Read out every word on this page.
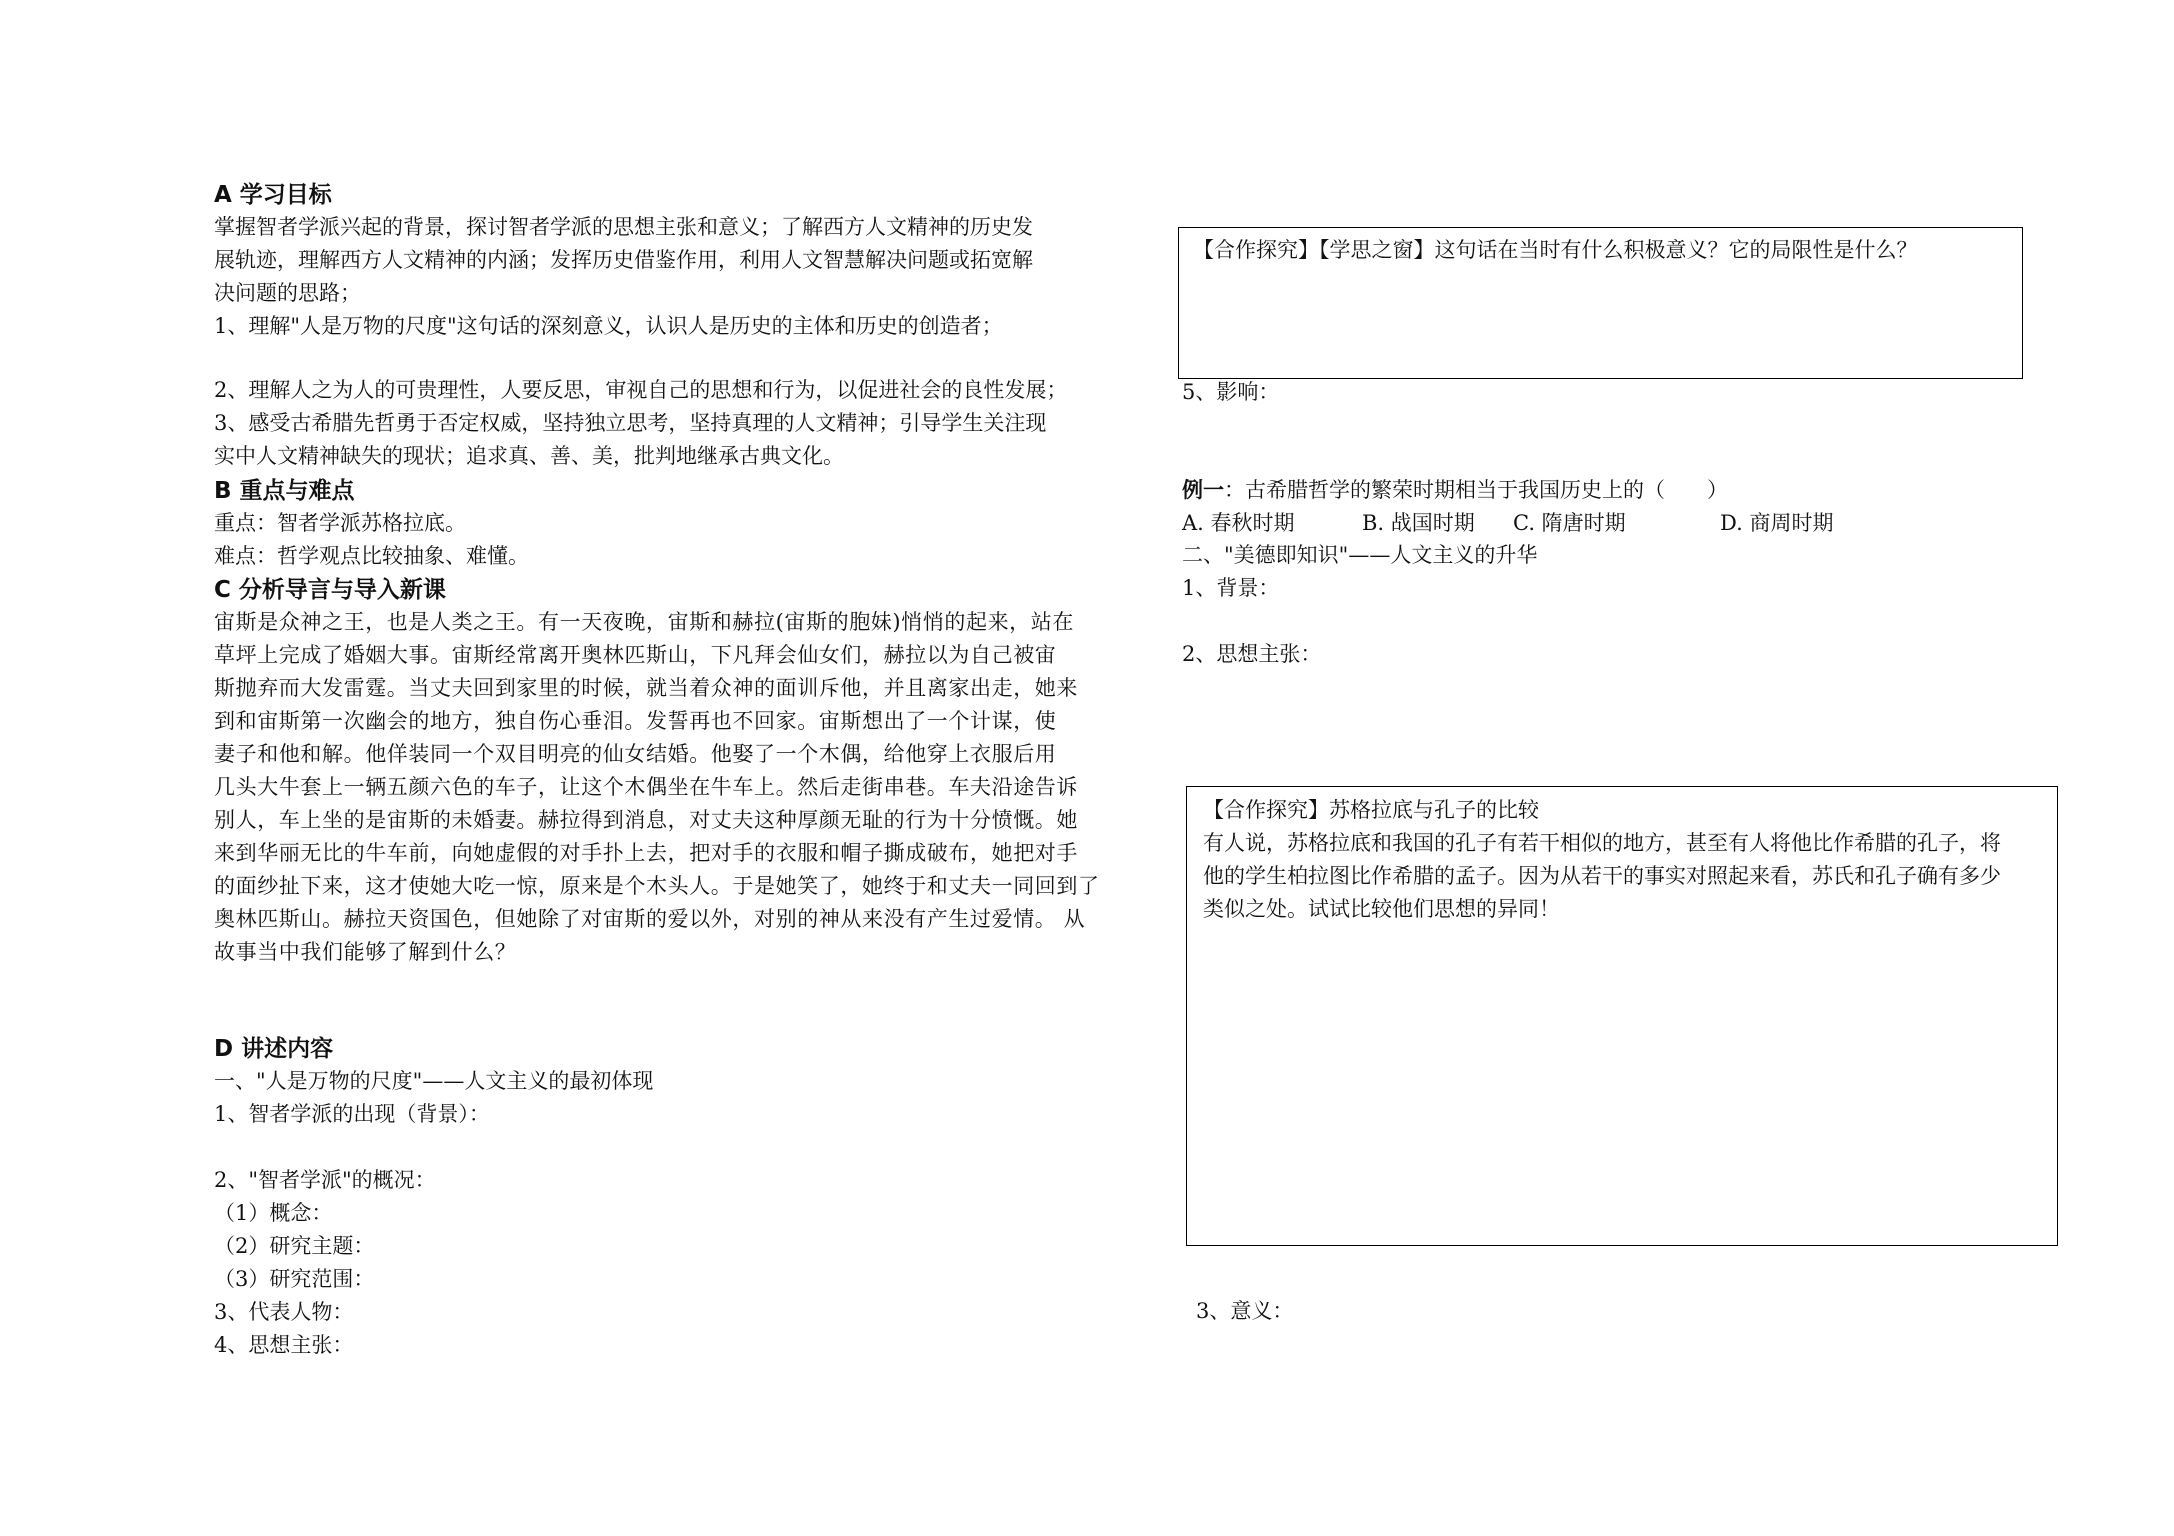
A 学习目标
掌握智者学派兴起的背景，探讨智者学派的思想主张和意义；了解西方人文精神的历史发
展轨迹，理解西方人文精神的内涵；发挥历史借鉴作用，利用人文智慧解决问题或拓宽解
决问题的思路；
1、理解"人是万物的尺度"这句话的深刻意义，认识人是历史的主体和历史的创造者；
2、理解人之为人的可贵理性，人要反思，审视自己的思想和行为，以促进社会的良性发展；
3、感受古希腊先哲勇于否定权威，坚持独立思考，坚持真理的人文精神；引导学生关注现
实中人文精神缺失的现状；追求真、善、美，批判地继承古典文化。
B 重点与难点
重点：智者学派苏格拉底。
难点：哲学观点比较抽象、难懂。
C 分析导言与导入新课
宙斯是众神之王，也是人类之王。有一天夜晚，宙斯和赫拉(宙斯的胞妹)悄悄的起来，站在
草坪上完成了婚姻大事。宙斯经常离开奥林匹斯山，下凡拜会仙女们，赫拉以为自己被宙
斯抛弃而大发雷霆。当丈夫回到家里的时候，就当着众神的面训斥他，并且离家出走，她来
到和宙斯第一次幽会的地方，独自伤心垂泪。发誓再也不回家。宙斯想出了一个计谋，使
妻子和他和解。他佯装同一个双目明亮的仙女结婚。他娶了一个木偶，给他穿上衣服后用
几头大牛套上一辆五颜六色的车子，让这个木偶坐在牛车上。然后走街串巷。车夫沿途告诉
别人，车上坐的是宙斯的未婚妻。赫拉得到消息，对丈夫这种厚颜无耻的行为十分愤慨。她
来到华丽无比的牛车前，向她虚假的对手扑上去，把对手的衣服和帽子撕成破布，她把对手
的面纱扯下来，这才使她大吃一惊，原来是个木头人。于是她笑了，她终于和丈夫一同回到了
奥林匹斯山。赫拉天资国色，但她除了对宙斯的爱以外，对别的神从来没有产生过爱情。 从
故事当中我们能够了解到什么？
D 讲述内容
一、"人是万物的尺度"——人文主义的最初体现
1、智者学派的出现（背景）：
2、"智者学派"的概况：
（1）概念：
（2）研究主题：
（3）研究范围：
3、代表人物：
4、思想主张：
【合作探究】【学思之窗】这句话在当时有什么积极意义？它的局限性是什么？
5、影响：
例一：古希腊哲学的繁荣时期相当于我国历史上的（　　）
A. 春秋时期	B. 战国时期 C. 隋唐时期	D. 商周时期
二、"美德即知识"——人文主义的升华
1、背景：
2、思想主张：
【合作探究】苏格拉底与孔子的比较
有人说，苏格拉底和我国的孔子有若干相似的地方，甚至有人将他比作希腊的孔子，将
他的学生柏拉图比作希腊的孟子。因为从若干的事实对照起来看，苏氏和孔子确有多少
类似之处。试试比较他们思想的异同！
3、意义：
